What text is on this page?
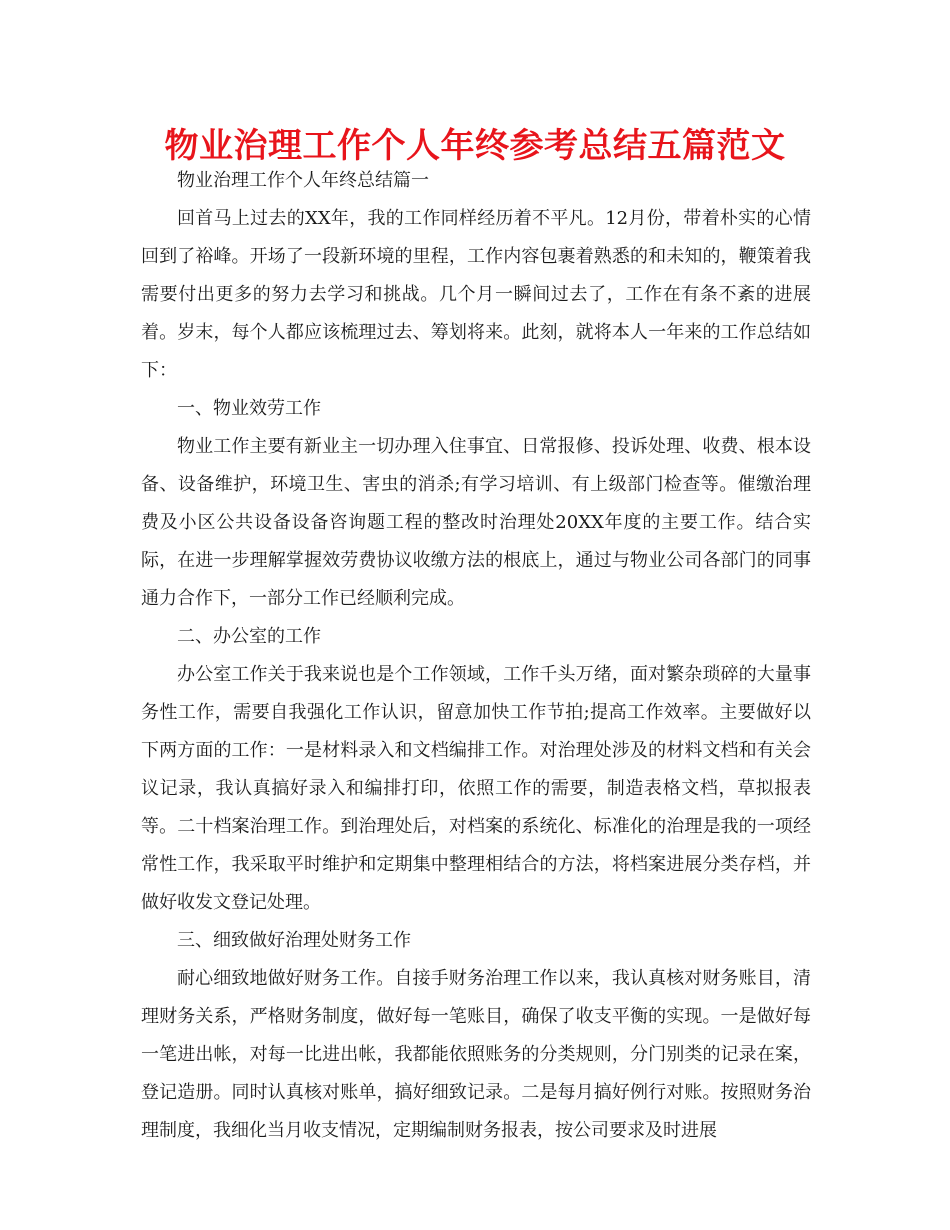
物业治理工作个人年终参考总结五篇范文

物业治理工作个人年终总结篇一

回首马上过去的XX年，我的工作同样经历着不平凡。12月份，带着朴实的心情回到了裕峰。开场了一段新环境的里程，工作内容包裹着熟悉的和未知的，鞭策着我需要付出更多的努力去学习和挑战。几个月一瞬间过去了，工作在有条不紊的进展着。岁末，每个人都应该梳理过去、筹划将来。此刻，就将本人一年来的工作总结如下：

一、物业效劳工作

物业工作主要有新业主一切办理入住事宜、日常报修、投诉处理、收费、根本设备、设备维护，环境卫生、害虫的消杀;有学习培训、有上级部门检查等。催缴治理费及小区公共设备设备咨询题工程的整改时治理处20XX年度的主要工作。结合实际，在进一步理解掌握效劳费协议收缴方法的根底上，通过与物业公司各部门的同事通力合作下，一部分工作已经顺利完成。

二、办公室的工作

办公室工作关于我来说也是个工作领域，工作千头万绪，面对繁杂琐碎的大量事务性工作，需要自我强化工作认识，留意加快工作节拍;提高工作效率。主要做好以下两方面的工作：一是材料录入和文档编排工作。对治理处涉及的材料文档和有关会议记录，我认真搞好录入和编排打印，依照工作的需要，制造表格文档，草拟报表等。二十档案治理工作。到治理处后，对档案的系统化、标准化的治理是我的一项经常性工作，我采取平时维护和定期集中整理相结合的方法，将档案进展分类存档，并做好收发文登记处理。

三、细致做好治理处财务工作

耐心细致地做好财务工作。自接手财务治理工作以来，我认真核对财务账目，清理财务关系，严格财务制度，做好每一笔账目，确保了收支平衡的实现。一是做好每一笔进出帐，对每一比进出帐，我都能依照账务的分类规则，分门别类的记录在案，登记造册。同时认真核对账单，搞好细致记录。二是每月搞好例行对账。按照财务治理制度，我细化当月收支情况，定期编制财务报表，按公司要求及时进展
